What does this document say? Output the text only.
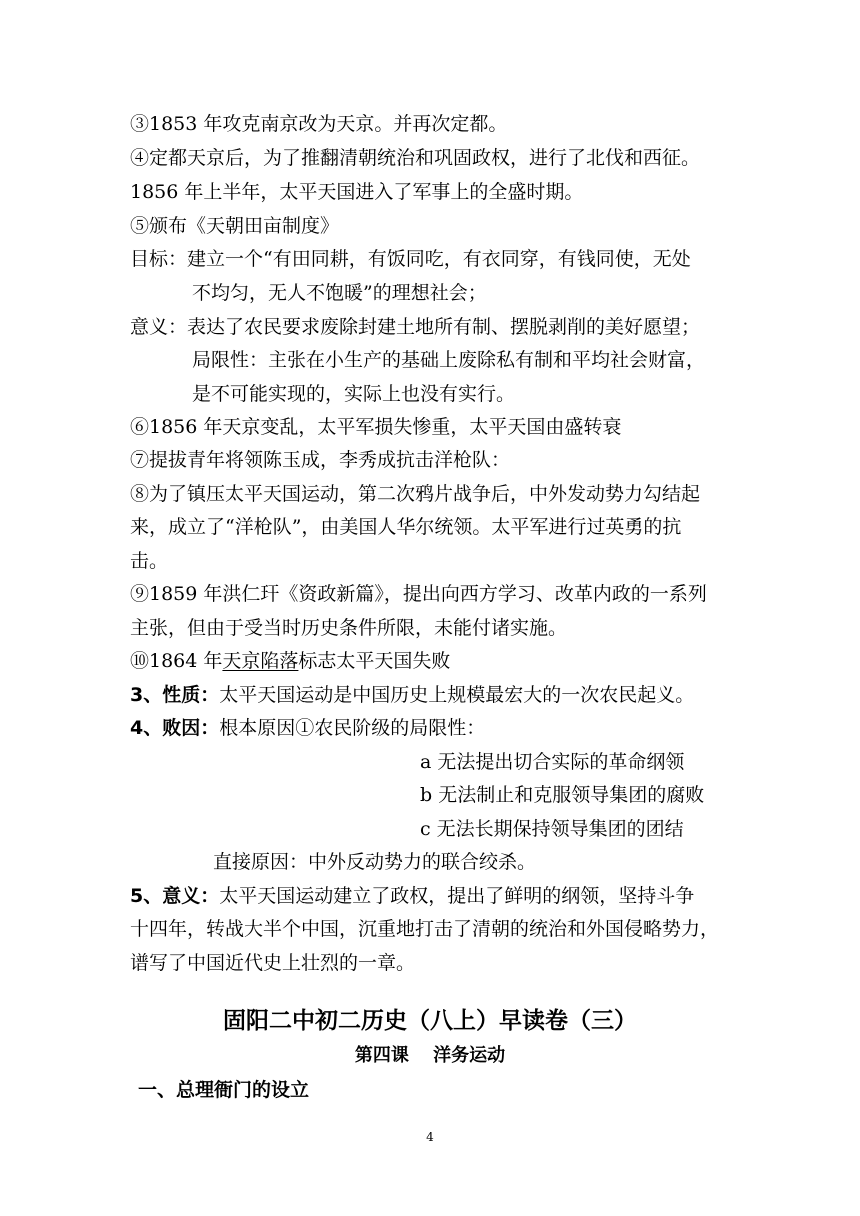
③1853 年攻克南京改为天京。并再次定都。
④定都天京后，为了推翻清朝统治和巩固政权，进行了北伐和西征。
1856 年上半年，太平天国进入了军事上的全盛时期。
⑤颁布《天朝田亩制度》
目标：建立一个“有田同耕，有饭同吃，有衣同穿，有钱同使，无处
不均匀，无人不饱暖”的理想社会；
意义：表达了农民要求废除封建土地所有制、摆脱剥削的美好愿望；
局限性：主张在小生产的基础上废除私有制和平均社会财富，
是不可能实现的，实际上也没有实行。
⑥1856 年天京变乱，太平军损失惨重，太平天国由盛转衰
⑦提拔青年将领陈玉成，李秀成抗击洋枪队：
⑧为了镇压太平天国运动，第二次鸦片战争后，中外发动势力勾结起
来，成立了“洋枪队”，由美国人华尔统领。太平军进行过英勇的抗
击。
⑨1859 年洪仁玕《资政新篇》，提出向西方学习、改革内政的一系列
主张，但由于受当时历史条件所限，未能付诸实施。
⑩1864 年天京陷落标志太平天国失败
3、性质：太平天国运动是中国历史上规模最宏大的一次农民起义。
4、败因：根本原因①农民阶级的局限性：
a 无法提出切合实际的革命纲领
b 无法制止和克服领导集团的腐败
c 无法长期保持领导集团的团结
直接原因：中外反动势力的联合绞杀。
5、意义：太平天国运动建立了政权，提出了鲜明的纲领，坚持斗争
十四年，转战大半个中国，沉重地打击了清朝的统治和外国侵略势力，
谱写了中国近代史上壮烈的一章。
固阳二中初二历史（八上）早读卷（三）
第四课　 洋务运动
一、总理衙门的设立
4
